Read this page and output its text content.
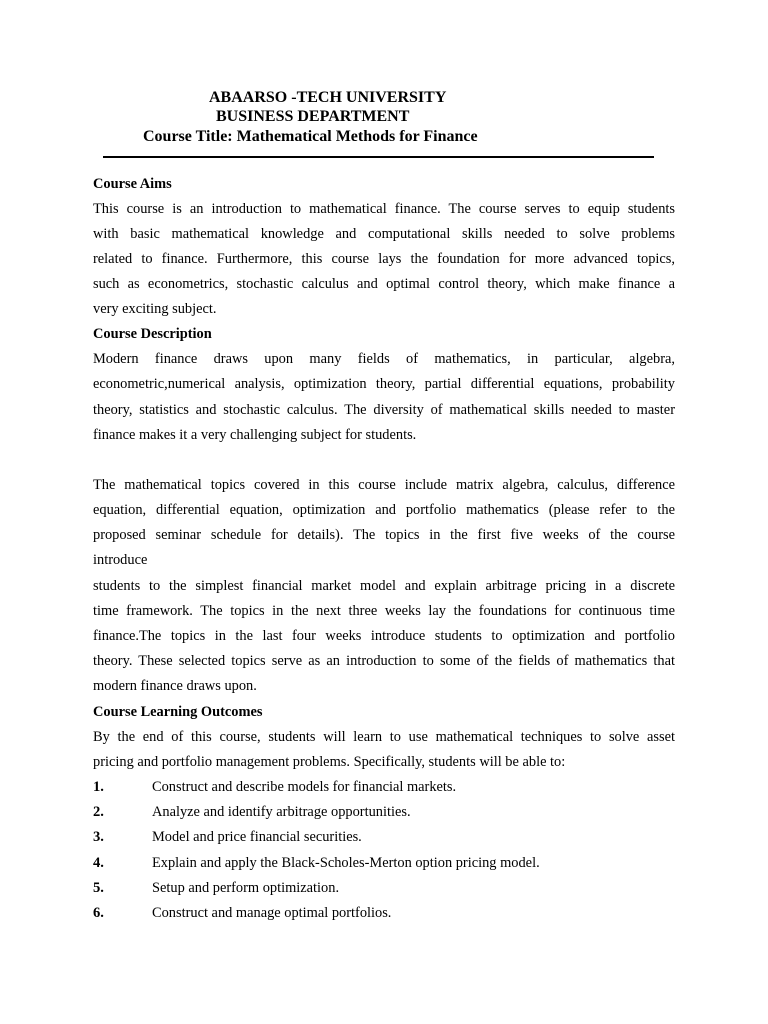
ABAARSO -TECH UNIVERSITY
BUSINESS DEPARTMENT
Course Title: Mathematical Methods for Finance
Course Aims
This course is an introduction to mathematical finance. The course serves to equip students
with basic mathematical knowledge and computational skills needed to solve problems
related to finance. Furthermore, this course lays the foundation for more advanced topics,
such as econometrics, stochastic calculus and optimal control theory, which make finance a
very exciting subject.
Course Description
Modern finance draws upon many fields of mathematics, in particular, algebra,
econometric,numerical analysis, optimization theory, partial differential equations, probability
theory, statistics and stochastic calculus. The diversity of mathematical skills needed to master
finance makes it a very challenging subject for students.
The mathematical topics covered in this course include matrix algebra, calculus, difference
equation, differential equation, optimization and portfolio mathematics (please refer to the
proposed seminar schedule for details). The topics in the first five weeks of the course
introduce
students to the simplest financial market model and explain arbitrage pricing in a discrete
time framework. The topics in the next three weeks lay the foundations for continuous time
finance.The topics in the last four weeks introduce students to optimization and portfolio
theory. These selected topics serve as an introduction to some of the fields of mathematics that
modern finance draws upon.
Course Learning Outcomes
By the end of this course, students will learn to use mathematical techniques to solve asset
pricing and portfolio management problems. Specifically, students will be able to:
1.	Construct and describe models for financial markets.
2.	Analyze and identify arbitrage opportunities.
3.	Model and price financial securities.
4.	Explain and apply the Black-Scholes-Merton option pricing model.
5.	Setup and perform optimization.
6.	Construct and manage optimal portfolios.
